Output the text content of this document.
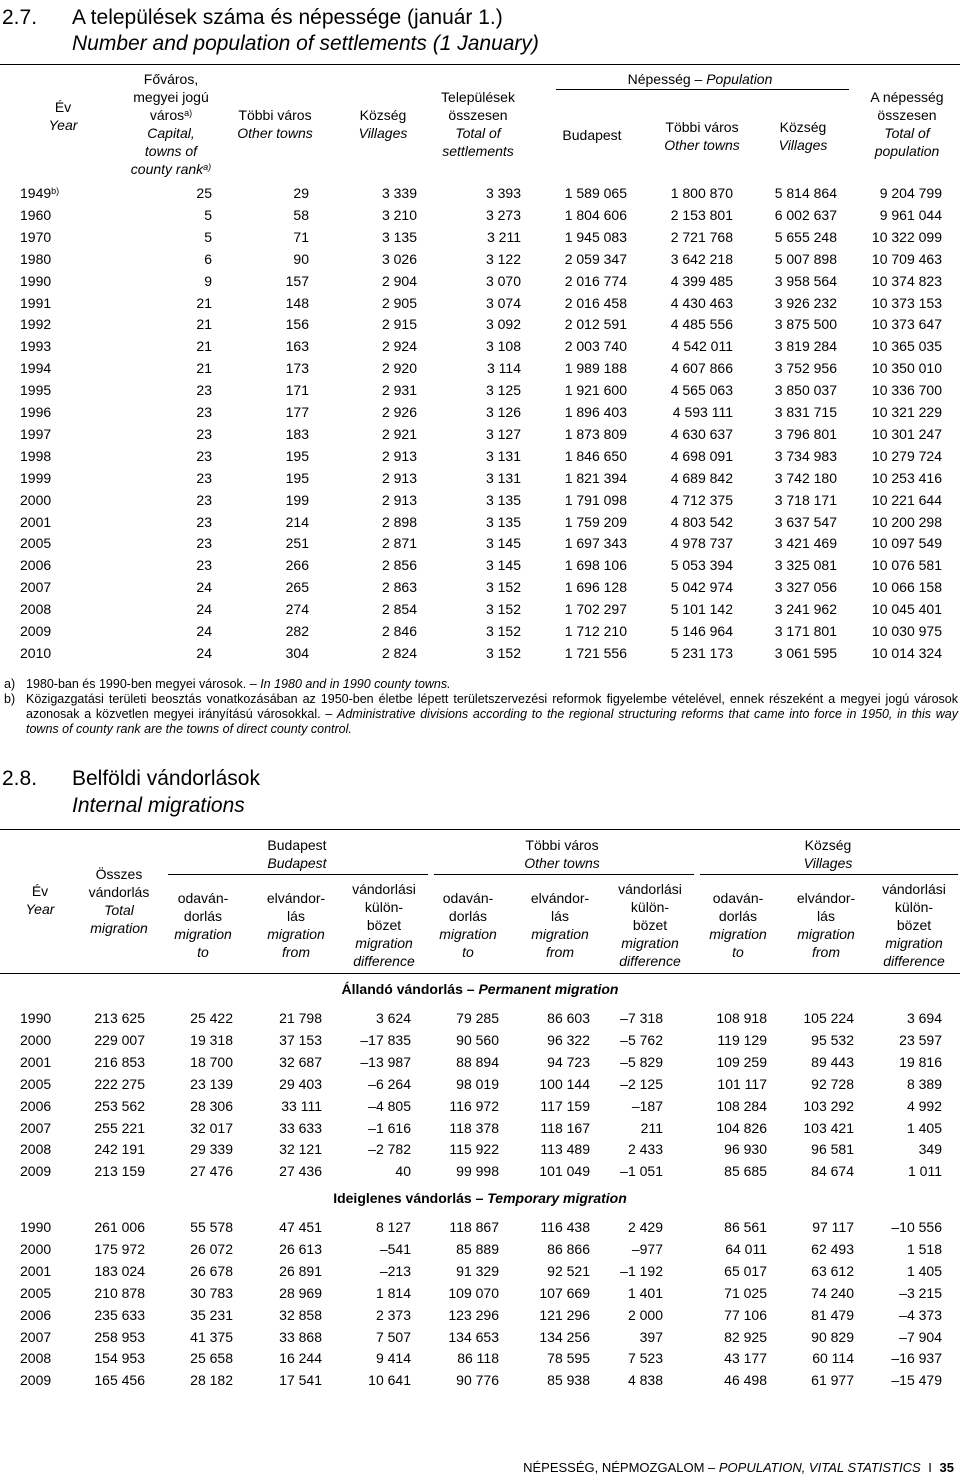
2.7. A települések száma és népessége (január 1.)
Number and population of settlements (1 January)
Év
Year
Főváros,
megyei jogú
város$^{a)}$
Capital,
towns of
county rank$^{a)}$
Többi város
Other towns
Község
Villages
Települések
összesen
Total of
settlements
Népesség – Population
Budapest	Többi város
Other towns
Község
Villages
A népesség
összesen
Total of
population
1949$^{b)}$	25	29	3 339	3 393	1 589 065	1 800 870	5 814 864	9 204 799
1960	5	58	3 210	3 273	1 804 606	2 153 801	6 002 637	9 961 044
1970	5	71	3 135	3 211	1 945 083	2 721 768	5 655 248	10 322 099
1980	6	90	3 026	3 122	2 059 347	3 642 218	5 007 898	10 709 463
1990	9	157	2 904	3 070	2 016 774	4 399 485	3 958 564	10 374 823
1991	21	148	2 905	3 074	2 016 458	4 430 463	3 926 232	10 373 153
1992	21	156	2 915	3 092	2 012 591	4 485 556	3 875 500	10 373 647
1993	21	163	2 924	3 108	2 003 740	4 542 011	3 819 284	10 365 035
1994	21	173	2 920	3 114	1 989 188	4 607 866	3 752 956	10 350 010
1995	23	171	2 931	3 125	1 921 600	4 565 063	3 850 037	10 336 700
1996	23	177	2 926	3 126	1 896 403	4 593 111	3 831 715	10 321 229
1997	23	183	2 921	3 127	1 873 809	4 630 637	3 796 801	10 301 247
1998	23	195	2 913	3 131	1 846 650	4 698 091	3 734 983	10 279 724
1999	23	195	2 913	3 131	1 821 394	4 689 842	3 742 180	10 253 416
2000	23	199	2 913	3 135	1 791 098	4 712 375	3 718 171	10 221 644
2001	23	214	2 898	3 135	1 759 209	4 803 542	3 637 547	10 200 298
2005	23	251	2 871	3 145	1 697 343	4 978 737	3 421 469	10 097 549
2006	23	266	2 856	3 145	1 698 106	5 053 394	3 325 081	10 076 581
2007	24	265	2 863	3 152	1 696 128	5 042 974	3 327 056	10 066 158
2008	24	274	2 854	3 152	1 702 297	5 101 142	3 241 962	10 045 401
2009	24	282	2 846	3 152	1 712 210	5 146 964	3 171 801	10 030 975
2010	24	304	2 824	3 152	1 721 556	5 231 173	3 061 595	10 014 324
a) 1980-ban és 1990-ben megyei városok. – In 1980 and in 1990 county towns.
b) Közigazgatási területi beosztás vonatkozásában az 1950-ben életbe lépett területszervezési reformok figyelembe vételével, ennek részeként a megyei jogú városok azonosak a közvetlen megyei irányítású városokkal. – Administrative divisions according to the regional structuring reforms that came into force in 1950, in this way towns of county rank are the towns of direct county control.
2.8. Belföldi vándorlások
Internal migrations
Év
Year
Összes
vándorlás
Total
migration
Budapest
Budapest
Többi város
Other towns
Község
Villages
odaván-
dorlás
migration
to
elvándor-
lás
migration
from
vándorlási
külön-
bözet
migration
difference
odaván-
dorlás
migration
to
elvándor-
lás
migration
from
vándorlási
külön-
bözet
migration
difference
odaván-
dorlás
migration
to
elvándor-
lás
migration
from
vándorlási
külön-
bözet
migration
difference
Állandó vándorlás – Permanent migration
1990	213 625	25 422	21 798	3 624	79 285	86 603	–7 318	108 918	105 224	3 694
2000	229 007	19 318	37 153	–17 835	90 560	96 322	–5 762	119 129	95 532	23 597
2001	216 853	18 700	32 687	–13 987	88 894	94 723	–5 829	109 259	89 443	19 816
2005	222 275	23 139	29 403	–6 264	98 019	100 144	–2 125	101 117	92 728	8 389
2006	253 562	28 306	33 111	–4 805	116 972	117 159	–187	108 284	103 292	4 992
2007	255 221	32 017	33 633	–1 616	118 378	118 167	211	104 826	103 421	1 405
2008	242 191	29 339	32 121	–2 782	115 922	113 489	2 433	96 930	96 581	349
2009	213 159	27 476	27 436	40	99 998	101 049	–1 051	85 685	84 674	1 011
Ideiglenes vándorlás – Temporary migration
1990	261 006	55 578	47 451	8 127	118 867	116 438	2 429	86 561	97 117	–10 556
2000	175 972	26 072	26 613	–541	85 889	86 866	–977	64 011	62 493	1 518
2001	183 024	26 678	26 891	–213	91 329	92 521	–1 192	65 017	63 612	1 405
2005	210 878	30 783	28 969	1 814	109 070	107 669	1 401	71 025	74 240	–3 215
2006	235 633	35 231	32 858	2 373	123 296	121 296	2 000	77 106	81 479	–4 373
2007	258 953	41 375	33 868	7 507	134 653	134 256	397	82 925	90 829	–7 904
2008	154 953	25 658	16 244	9 414	86 118	78 595	7 523	43 177	60 114	–16 937
2009	165 456	28 182	17 541	10 641	90 776	85 938	4 838	46 498	61 977	–15 479
NÉPESSÉG, NÉPMOZGALOM – POPULATION, VITAL STATISTICS I 35
